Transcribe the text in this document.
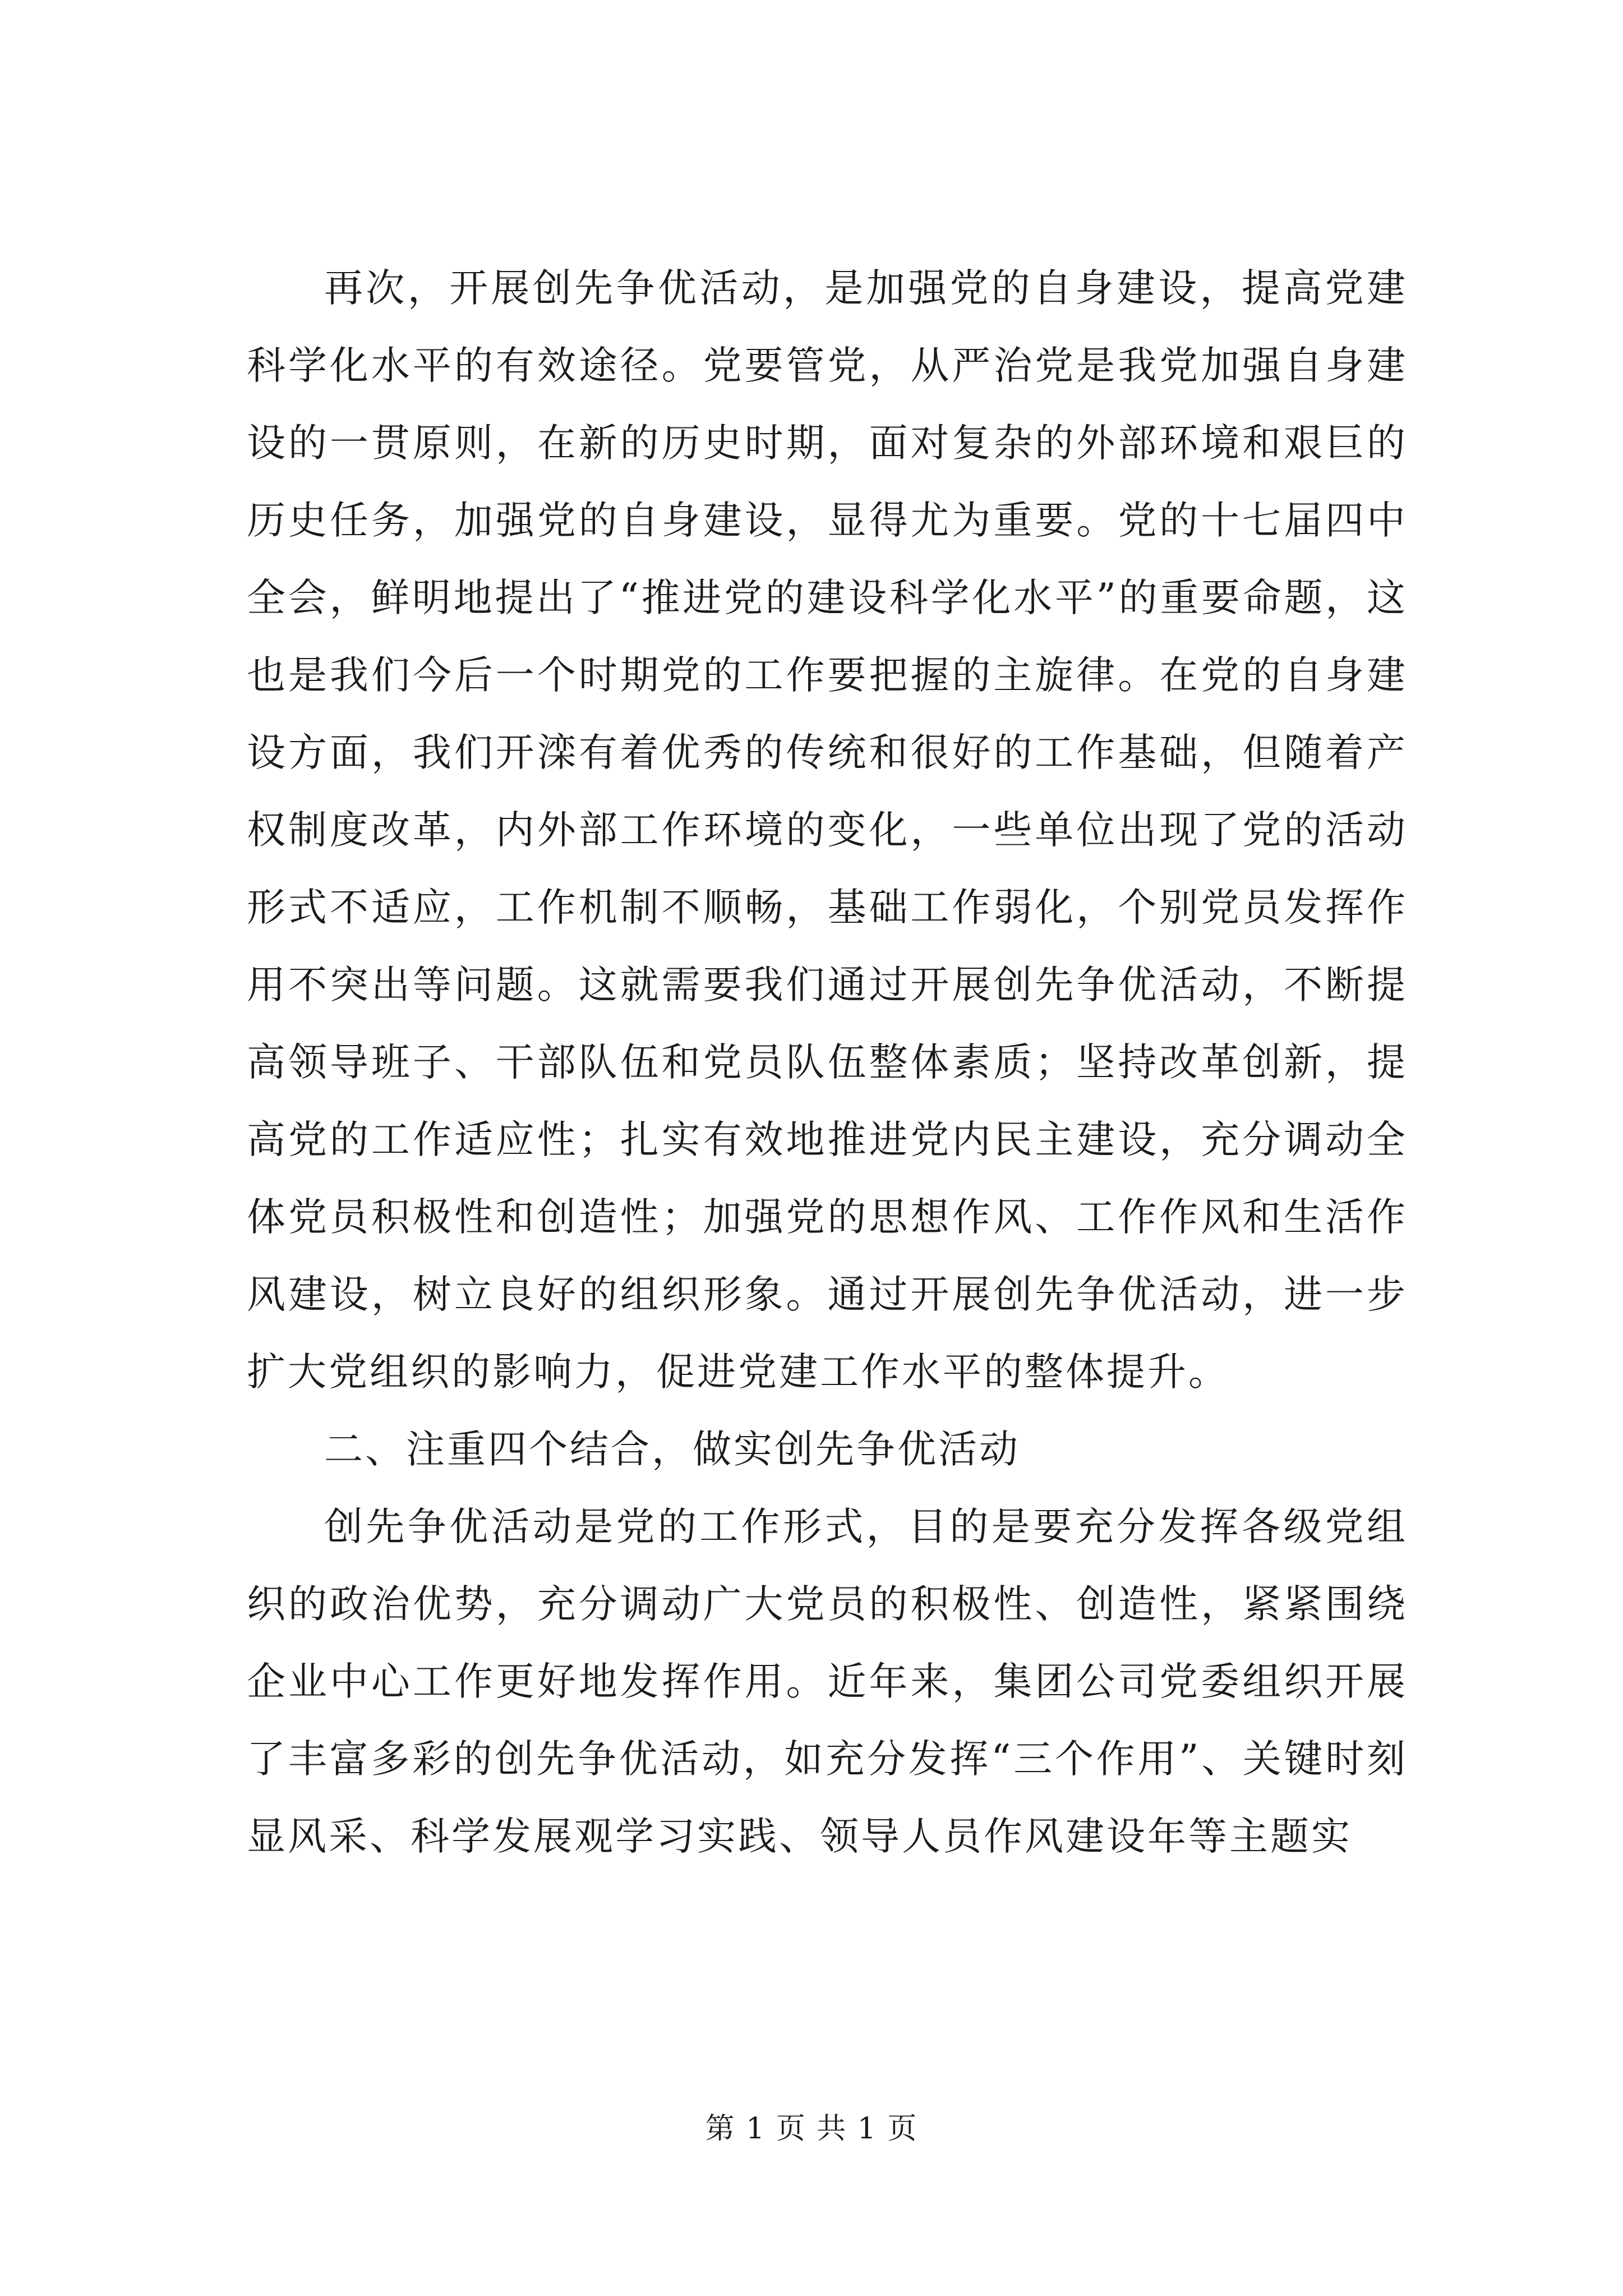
再次，开展创先争优活动，是加强党的自身建设，提高党建科学化水平的有效途径。党要管党，从严治党是我党加强自身建设的一贯原则，在新的历史时期，面对复杂的外部环境和艰巨的历史任务，加强党的自身建设，显得尤为重要。党的十七届四中全会，鲜明地提出了“推进党的建设科学化水平”的重要命题，这也是我们今后一个时期党的工作要把握的主旋律。在党的自身建设方面，我们开滦有着优秀的传统和很好的工作基础，但随着产权制度改革，内外部工作环境的变化，一些单位出现了党的活动形式不适应，工作机制不顺畅，基础工作弱化，个别党员发挥作用不突出等问题。这就需要我们通过开展创先争优活动，不断提高领导班子、干部队伍和党员队伍整体素质；坚持改革创新，提高党的工作适应性；扎实有效地推进党内民主建设，充分调动全体党员积极性和创造性；加强党的思想作风、工作作风和生活作风建设，树立良好的组织形象。通过开展创先争优活动，进一步扩大党组织的影响力，促进党建工作水平的整体提升。

二、注重四个结合，做实创先争优活动

创先争优活动是党的工作形式，目的是要充分发挥各级党组织的政治优势，充分调动广大党员的积极性、创造性，紧紧围绕企业中心工作更好地发挥作用。近年来，集团公司党委组织开展了丰富多彩的创先争优活动，如充分发挥“三个作用”、关键时刻显风采、科学发展观学习实践、领导人员作风建设年等主题实

第 1 页 共 1 页
